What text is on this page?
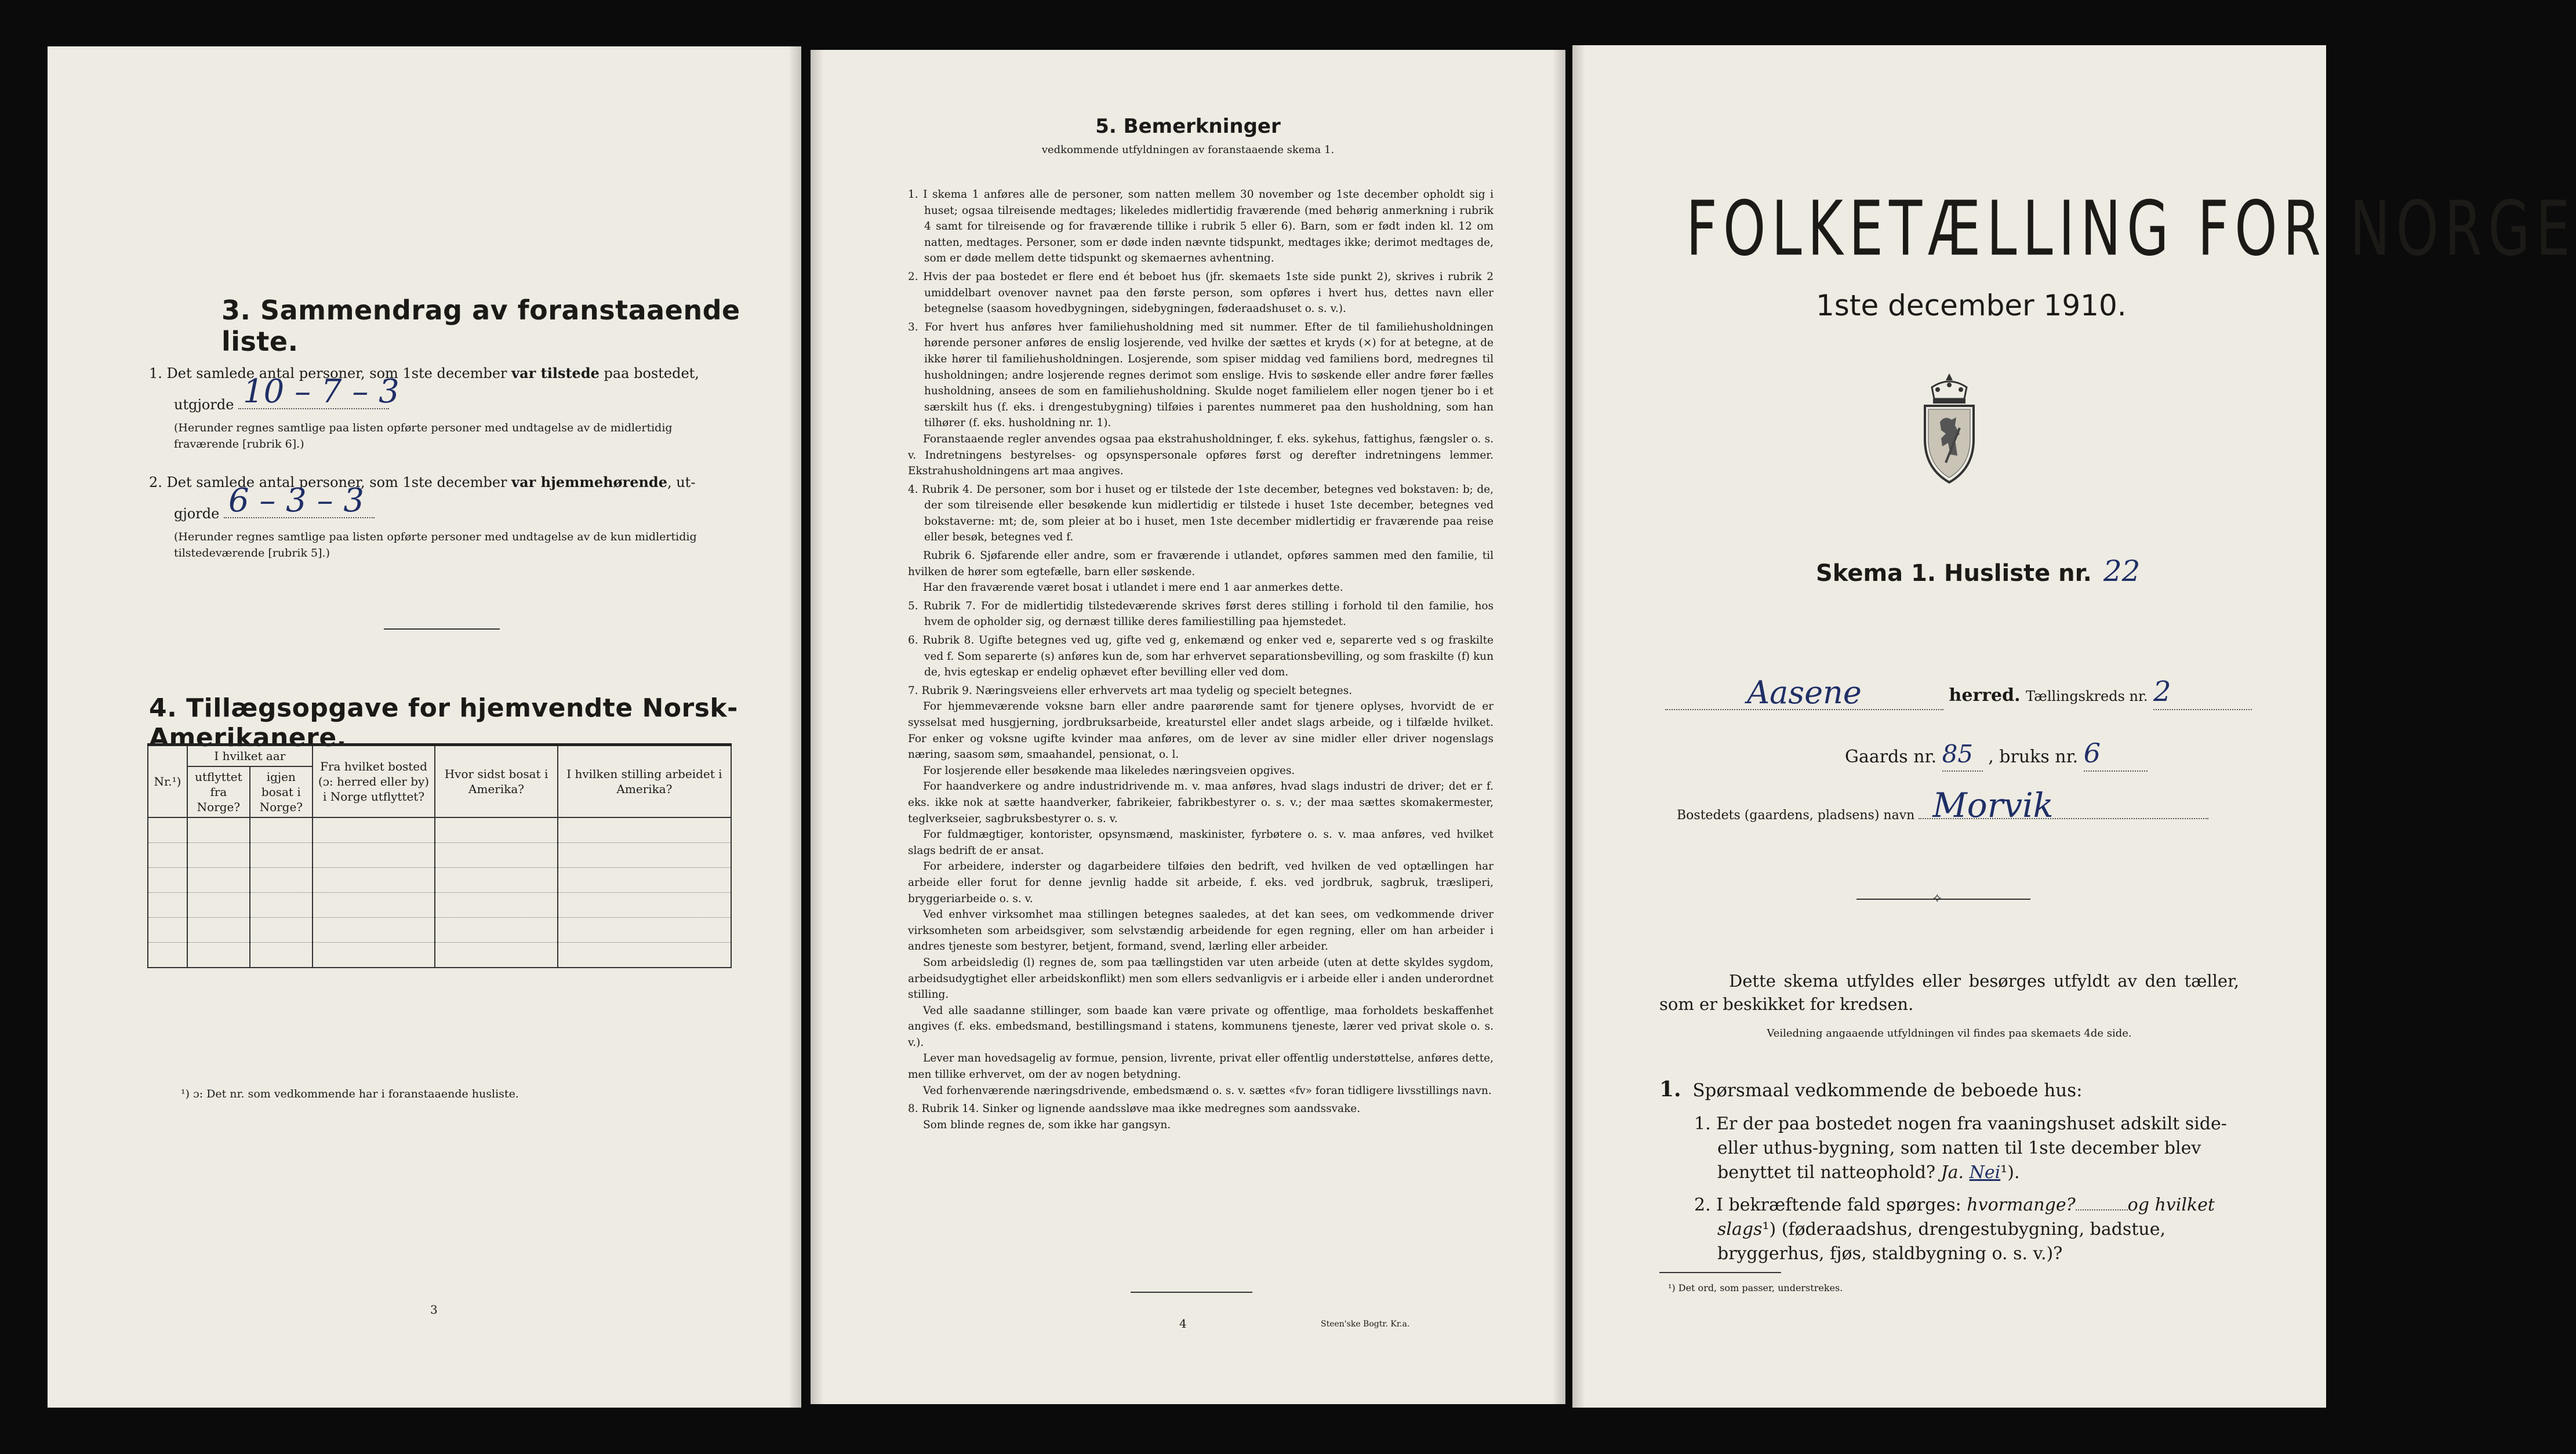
3. Sammendrag av foranstaaende liste.
1. Det samlede antal personer, som 1ste december var tilstede paa bostedet,
utgjorde 10 – 7 – 3
(Herunder regnes samtlige paa listen opførte personer med undtagelse av de midlertidig fraværende [rubrik 6].)
2. Det samlede antal personer, som 1ste december var hjemmehørende, ut-
gjorde 6 – 3 – 3
(Herunder regnes samtlige paa listen opførte personer med undtagelse av de kun midlertidig tilstedeværende [rubrik 5].)
4. Tillægsopgave for hjemvendte Norsk-Amerikanere.
Nr.¹)	I hvilket aar		Fra hvilket bosted (ɔ: herred eller by) i Norge utflyttet?	Hvor sidst bosat i Amerika?	I hvilken stilling arbeidet i Amerika?
	utflyttet fra Norge?	igjen bosat i Norge?			

¹) ɔ: Det nr. som vedkommende har i foranstaaende husliste.
3
5. Bemerkninger
vedkommende utfyldningen av foranstaaende skema 1.

1. I skema 1 anføres alle de personer, som natten mellem 30 november og 1ste december opholdt sig i huset; ogsaa tilreisende medtages; likeledes midlertidig fraværende (med behørig anmerkning i rubrik 4 samt for tilreisende og for fraværende tillike i rubrik 5 eller 6). Barn, som er født inden kl. 12 om natten, medtages. Personer, som er døde inden nævnte tidspunkt, medtages ikke; derimot medtages de, som er døde mellem dette tidspunkt og skemaernes avhentning.

2. Hvis der paa bostedet er flere end ét beboet hus (jfr. skemaets 1ste side punkt 2), skrives i rubrik 2 umiddelbart ovenover navnet paa den første person, som opføres i hvert hus, dettes navn eller betegnelse (saasom hovedbygningen, sidebygningen, føderaadshuset o. s. v.).

3. For hvert hus anføres hver familiehusholdning med sit nummer. Efter de til familiehusholdningen hørende personer anføres de enslig losjerende, ved hvilke der sættes et kryds (×) for at betegne, at de ikke hører til familiehusholdningen. Losjerende, som spiser middag ved familiens bord, medregnes til husholdningen; andre losjerende regnes derimot som enslige. Hvis to søskende eller andre fører fælles husholdning, ansees de som en familiehusholdning. Skulde noget familielem eller nogen tjener bo i et særskilt hus (f. eks. i drengestubygning) tilføies i parentes nummeret paa den husholdning, som han tilhører (f. eks. husholdning nr. 1).

Foranstaaende regler anvendes ogsaa paa ekstrahusholdninger, f. eks. sykehus, fattighus, fængsler o. s. v. Indretningens bestyrelses- og opsynspersonale opføres først og derefter indretningens lemmer. Ekstrahusholdningens art maa angives.

4. Rubrik 4. De personer, som bor i huset og er tilstede der 1ste december, betegnes ved bokstaven: b; de, der som tilreisende eller besøkende kun midlertidig er tilstede i huset 1ste december, betegnes ved bokstaverne: mt; de, som pleier at bo i huset, men 1ste december midlertidig er fraværende paa reise eller besøk, betegnes ved f.

Rubrik 6. Sjøfarende eller andre, som er fraværende i utlandet, opføres sammen med den familie, til hvilken de hører som egtefælle, barn eller søskende.

Har den fraværende været bosat i utlandet i mere end 1 aar anmerkes dette.

5. Rubrik 7. For de midlertidig tilstedeværende skrives først deres stilling i forhold til den familie, hos hvem de opholder sig, og dernæst tillike deres familiestilling paa hjemstedet.

6. Rubrik 8. Ugifte betegnes ved ug, gifte ved g, enkemænd og enker ved e, separerte ved s og fraskilte ved f. Som separerte (s) anføres kun de, som har erhvervet separationsbevilling, og som fraskilte (f) kun de, hvis egteskap er endelig ophævet efter bevilling eller ved dom.

7. Rubrik 9. Næringsveiens eller erhvervets art maa tydelig og specielt betegnes.

For hjemmeværende voksne barn eller andre paarørende samt for tjenere oplyses, hvorvidt de er sysselsat med husgjerning, jordbruksarbeide, kreaturstel eller andet slags arbeide, og i tilfælde hvilket. For enker og voksne ugifte kvinder maa anføres, om de lever av sine midler eller driver nogenslags næring, saasom søm, smaahandel, pensionat, o. l.

For losjerende eller besøkende maa likeledes næringsveien opgives.

For haandverkere og andre industridrivende m. v. maa anføres, hvad slags industri de driver; det er f. eks. ikke nok at sætte haandverker, fabrikeier, fabrikbestyrer o. s. v.; der maa sættes skomakermester, teglverkseier, sagbruksbestyrer o. s. v.

For fuldmægtiger, kontorister, opsynsmænd, maskinister, fyrbøtere o. s. v. maa anføres, ved hvilket slags bedrift de er ansat.

For arbeidere, inderster og dagarbeidere tilføies den bedrift, ved hvilken de ved optællingen har arbeide eller forut for denne jevnlig hadde sit arbeide, f. eks. ved jordbruk, sagbruk, træsliperi, bryggeriarbeide o. s. v.

Ved enhver virksomhet maa stillingen betegnes saaledes, at det kan sees, om vedkommende driver virksomheten som arbeidsgiver, som selvstændig arbeidende for egen regning, eller om han arbeider i andres tjeneste som bestyrer, betjent, formand, svend, lærling eller arbeider.

Som arbeidsledig (l) regnes de, som paa tællingstiden var uten arbeide (uten at dette skyldes sygdom, arbeidsudygtighet eller arbeidskonflikt) men som ellers sedvanligvis er i arbeide eller i anden underordnet stilling.

Ved alle saadanne stillinger, som baade kan være private og offentlige, maa forholdets beskaffenhet angives (f. eks. embedsmand, bestillingsmand i statens, kommunens tjeneste, lærer ved privat skole o. s. v.).

Lever man hovedsagelig av formue, pension, livrente, privat eller offentlig understøttelse, anføres dette, men tillike erhvervet, om der av nogen betydning.

Ved forhenværende næringsdrivende, embedsmænd o. s. v. sættes «fv» foran tidligere livsstillings navn.

8. Rubrik 14. Sinker og lignende aandssløve maa ikke medregnes som aandssvake.

Som blinde regnes de, som ikke har gangsyn.

4	Steen'ske Bogtr. Kr.a.
FOLKETÆLLING FOR NORGE
1ste december 1910.
Skema 1. Husliste nr. 22
Aasene	herred. Tællingskreds nr. 2
Gaards nr. 85 , bruks nr. 6
Bostedets (gaardens, pladsens) navn Morvik
✧
Dette skema utfyldes eller besørges utfyldt av den tæller, som er beskikket for kredsen.
Veiledning angaaende utfyldningen vil findes paa skemaets 4de side.
1. Spørsmaal vedkommende de beboede hus:
1. Er der paa bostedet nogen fra vaaningshuset adskilt side- eller uthus-bygning, som natten til 1ste december blev benyttet til natteophold? Ja. Nei¹).
2. I bekræftende fald spørges: hvormange?	og hvilket slags¹) (føderaadshus, drengestubygning, badstue, bryggerhus, fjøs, staldbygning o. s. v.)?
¹) Det ord, som passer, understrekes.
